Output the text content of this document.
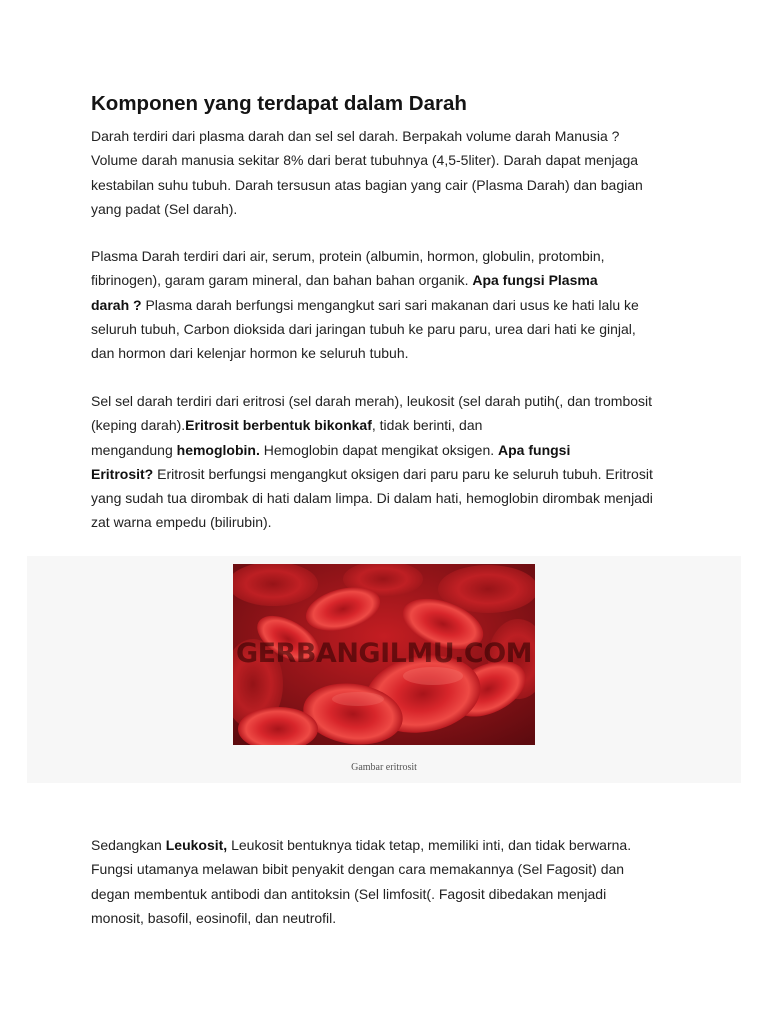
Komponen yang terdapat dalam Darah

Darah terdiri dari plasma darah dan sel sel darah. Berpakah volume darah Manusia ?
Volume darah manusia sekitar 8% dari berat tubuhnya (4,5-5liter). Darah dapat menjaga
kestabilan suhu tubuh. Darah tersusun atas bagian yang cair (Plasma Darah) dan bagian
yang padat (Sel darah).

Plasma Darah terdiri dari air, serum, protein (albumin, hormon, globulin, protombin,
fibrinogen), garam garam mineral, dan bahan bahan organik. Apa fungsi Plasma
darah ? Plasma darah berfungsi mengangkut sari sari makanan dari usus ke hati lalu ke
seluruh tubuh, Carbon dioksida dari jaringan tubuh ke paru paru, urea dari hati ke ginjal,
dan hormon dari kelenjar hormon ke seluruh tubuh.

Sel sel darah terdiri dari eritrosi (sel darah merah), leukosit (sel darah putih(, dan trombosit
(keping darah).Eritrosit berbentuk bikonkaf, tidak berinti, dan
mengandung hemoglobin. Hemoglobin dapat mengikat oksigen. Apa fungsi
Eritrosit? Eritrosit berfungsi mengangkut oksigen dari paru paru ke seluruh tubuh. Eritrosit
yang sudah tua dirombak di hati dalam limpa. Di dalam hati, hemoglobin dirombak menjadi
zat warna empedu (bilirubin).

GERBANGILMU.COM

Gambar eritrosit

Sedangkan Leukosit, Leukosit bentuknya tidak tetap, memiliki inti, dan tidak berwarna.
Fungsi utamanya melawan bibit penyakit dengan cara memakannya (Sel Fagosit) dan
degan membentuk antibodi dan antitoksin (Sel limfosit(. Fagosit dibedakan menjadi
monosit, basofil, eosinofil, dan neutrofil.
